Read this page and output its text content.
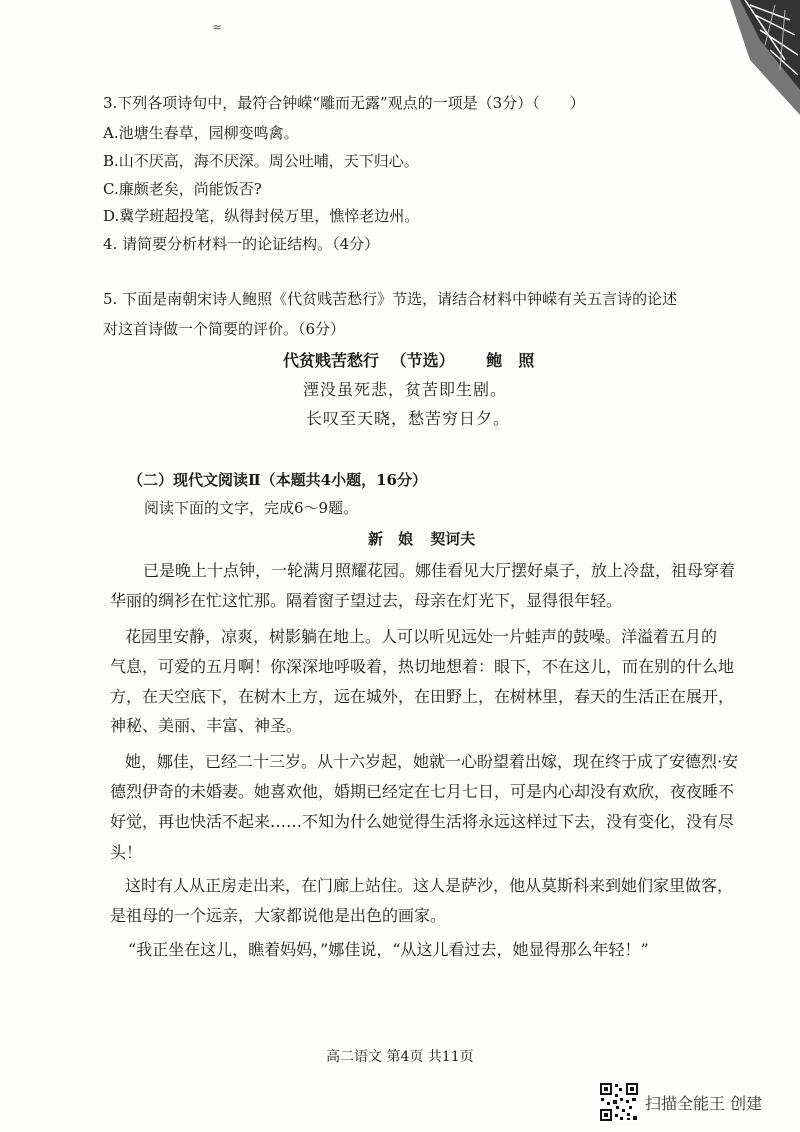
≈
3.下列各项诗句中，最符合钟嵘“雕而无露”观点的一项是（3分）（　　）
A.池塘生春草，园柳变鸣禽。
B.山不厌高，海不厌深。周公吐哺，天下归心。
C.廉颇老矣，尚能饭否?
D.冀学班超投笔，纵得封侯万里，憔悴老边州。
4. 请简要分析材料一的论证结构。（4分）
5. 下面是南朝宋诗人鲍照《代贫贱苦愁行》节选，请结合材料中钟嵘有关五言诗的论述
对这首诗做一个简要的评价。（6分）
代贫贱苦愁行 （节选） 鲍　照
湮没虽死悲，贫苦即生剧。
长叹至天晓，愁苦穷日夕。
（二）现代文阅读Ⅱ（本题共4小题，16分）
阅读下面的文字，完成6～9题。
新　娘 契诃夫
已是晚上十点钟，一轮满月照耀花园。娜佳看见大厅摆好桌子，放上冷盘，祖母穿着
华丽的绸衫在忙这忙那。隔着窗子望过去，母亲在灯光下，显得很年轻。
花园里安静，凉爽，树影躺在地上。人可以听见远处一片蛙声的鼓噪。洋溢着五月的
气息，可爱的五月啊！你深深地呼吸着，热切地想着：眼下，不在这儿，而在别的什么地
方，在天空底下，在树木上方，远在城外，在田野上，在树林里，春天的生活正在展开，
神秘、美丽、丰富、神圣。
她，娜佳，已经二十三岁。从十六岁起，她就一心盼望着出嫁，现在终于成了安德烈·安
德烈伊奇的未婚妻。她喜欢他，婚期已经定在七月七日，可是内心却没有欢欣，夜夜睡不
好觉，再也快活不起来……不知为什么她觉得生活将永远这样过下去，没有变化，没有尽
头！
这时有人从正房走出来，在门廊上站住。这人是萨沙，他从莫斯科来到她们家里做客，
是祖母的一个远亲，大家都说他是出色的画家。
“我正坐在这儿，瞧着妈妈，”娜佳说，“从这儿看过去，她显得那么年轻！”
高二语文 第4页 共11页
扫描全能王 创建
